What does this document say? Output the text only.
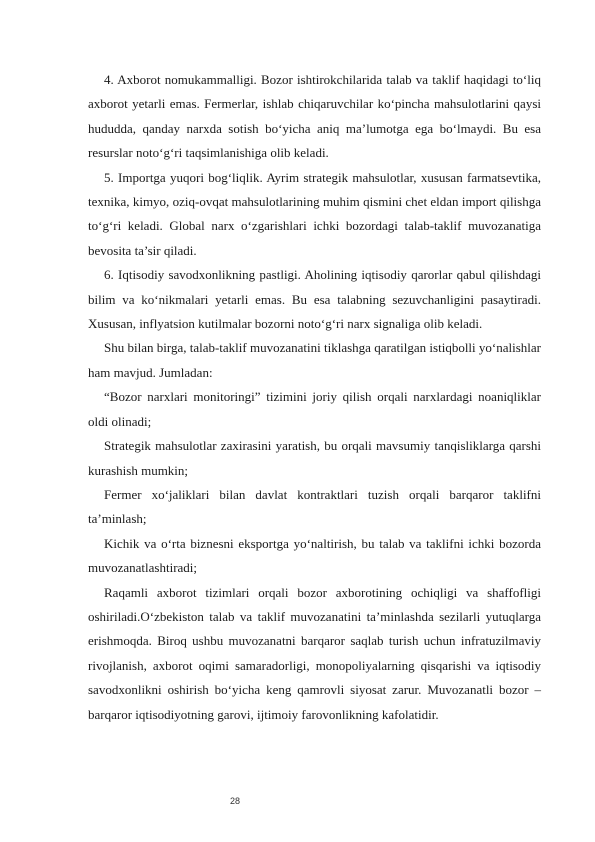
4. Axborot nomukammalligi. Bozor ishtirokchilarida talab va taklif haqidagi to‘liq axborot yetarli emas. Fermerlar, ishlab chiqaruvchilar ko‘pincha mahsulotlarini qaysi hududda, qanday narxda sotish bo‘yicha aniq ma’lumotga ega bo‘lmaydi. Bu esa resurslar noto‘g‘ri taqsimlanishiga olib keladi.

5. Importga yuqori bog‘liqlik. Ayrim strategik mahsulotlar, xususan farmatsevtika, texnika, kimyo, oziq-ovqat mahsulotlarining muhim qismini chet eldan import qilishga to‘g‘ri keladi. Global narx o‘zgarishlari ichki bozordagi talab-taklif muvozanatiga bevosita ta’sir qiladi.

6. Iqtisodiy savodxonlikning pastligi. Aholining iqtisodiy qarorlar qabul qilishdagi bilim va ko‘nikmalari yetarli emas. Bu esa talabning sezuvchanligini pasaytiradi. Xususan, inflyatsion kutilmalar bozorni noto‘g‘ri narx signaliga olib keladi.

Shu bilan birga, talab-taklif muvozanatini tiklashga qaratilgan istiqbolli yo‘nalishlar ham mavjud. Jumladan:

“Bozor narxlari monitoringi” tizimini joriy qilish orqali narxlardagi noaniqliklar oldi olinadi;

Strategik mahsulotlar zaxirasini yaratish, bu orqali mavsumiy tanqisliklarga qarshi kurashish mumkin;

Fermer xo‘jaliklari bilan davlat kontraktlari tuzish orqali barqaror taklifni ta’minlash;

Kichik va o‘rta biznesni eksportga yo‘naltirish, bu talab va taklifni ichki bozorda muvozanatlashtiradi;

Raqamli axborot tizimlari orqali bozor axborotining ochiqligi va shaffofligi oshiriladi.O‘zbekiston talab va taklif muvozanatini ta’minlashda sezilarli yutuqlarga erishmoqda. Biroq ushbu muvozanatni barqaror saqlab turish uchun infratuzilmaviy rivojlanish, axborot oqimi samaradorligi, monopoliyalarning qisqarishi va iqtisodiy savodxonlikni oshirish bo‘yicha keng qamrovli siyosat zarur. Muvozanatli bozor – barqaror iqtisodiyotning garovi, ijtimoiy farovonlikning kafolatidir.

28
